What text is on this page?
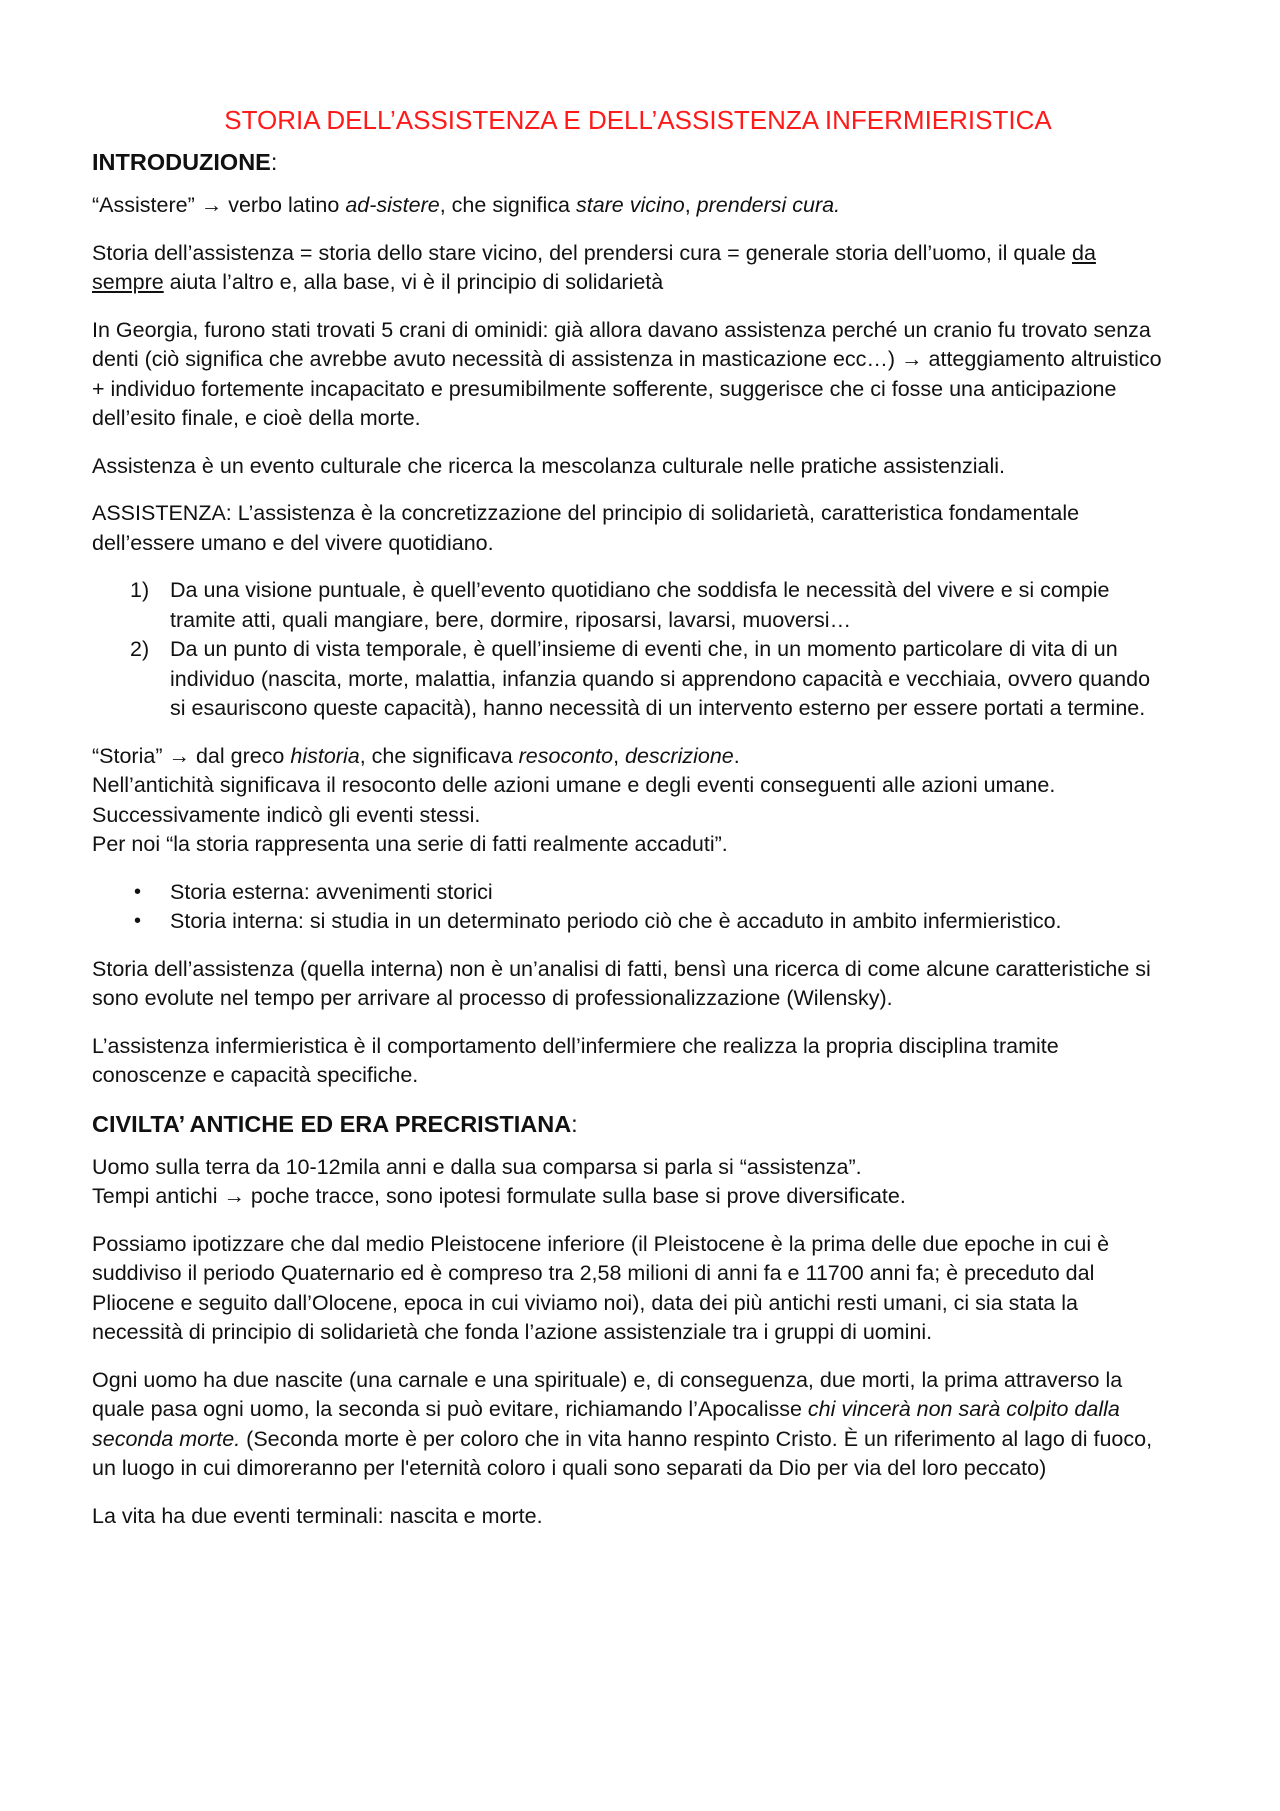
STORIA DELL’ASSISTENZA E DELL’ASSISTENZA INFERMIERISTICA
INTRODUZIONE:

“Assistere” → verbo latino ad-sistere, che significa stare vicino, prendersi cura.

Storia dell’assistenza = storia dello stare vicino, del prendersi cura = generale storia dell’uomo, il quale da sempre aiuta l’altro e, alla base, vi è il principio di solidarietà

In Georgia, furono stati trovati 5 crani di ominidi: già allora davano assistenza perché un cranio fu trovato senza denti (ciò significa che avrebbe avuto necessità di assistenza in masticazione ecc…) → atteggiamento altruistico + individuo fortemente incapacitato e presumibilmente sofferente, suggerisce che ci fosse una anticipazione dell’esito finale, e cioè della morte.

Assistenza è un evento culturale che ricerca la mescolanza culturale nelle pratiche assistenziali.

ASSISTENZA: L’assistenza è la concretizzazione del principio di solidarietà, caratteristica fondamentale dell’essere umano e del vivere quotidiano.

1) Da una visione puntuale, è quell’evento quotidiano che soddisfa le necessità del vivere e si compie tramite atti, quali mangiare, bere, dormire, riposarsi, lavarsi, muoversi…
2) Da un punto di vista temporale, è quell’insieme di eventi che, in un momento particolare di vita di un individuo (nascita, morte, malattia, infanzia quando si apprendono capacità e vecchiaia, ovvero quando si esauriscono queste capacità), hanno necessità di un intervento esterno per essere portati a termine.

“Storia” → dal greco historia, che significava resoconto, descrizione.
Nell’antichità significava il resoconto delle azioni umane e degli eventi conseguenti alle azioni umane.
Successivamente indicò gli eventi stessi.
Per noi “la storia rappresenta una serie di fatti realmente accaduti”.

• Storia esterna: avvenimenti storici
• Storia interna: si studia in un determinato periodo ciò che è accaduto in ambito infermieristico.

Storia dell’assistenza (quella interna) non è un’analisi di fatti, bensì una ricerca di come alcune caratteristiche si sono evolute nel tempo per arrivare al processo di professionalizzazione (Wilensky).

L’assistenza infermieristica è il comportamento dell’infermiere che realizza la propria disciplina tramite conoscenze e capacità specifiche.

CIVILTA’ ANTICHE ED ERA PRECRISTIANA:

Uomo sulla terra da 10-12mila anni e dalla sua comparsa si parla si “assistenza”.
Tempi antichi → poche tracce, sono ipotesi formulate sulla base si prove diversificate.

Possiamo ipotizzare che dal medio Pleistocene inferiore (il Pleistocene è la prima delle due epoche in cui è suddiviso il periodo Quaternario ed è compreso tra 2,58 milioni di anni fa e 11700 anni fa; è preceduto dal Pliocene e seguito dall’Olocene, epoca in cui viviamo noi), data dei più antichi resti umani, ci sia stata la necessità di principio di solidarietà che fonda l’azione assistenziale tra i gruppi di uomini.

Ogni uomo ha due nascite (una carnale e una spirituale) e, di conseguenza, due morti, la prima attraverso la quale pasa ogni uomo, la seconda si può evitare, richiamando l’Apocalisse chi vincerà non sarà colpito dalla seconda morte. (Seconda morte è per coloro che in vita hanno respinto Cristo. È un riferimento al lago di fuoco, un luogo in cui dimoreranno per l'eternità coloro i quali sono separati da Dio per via del loro peccato)

La vita ha due eventi terminali: nascita e morte.
